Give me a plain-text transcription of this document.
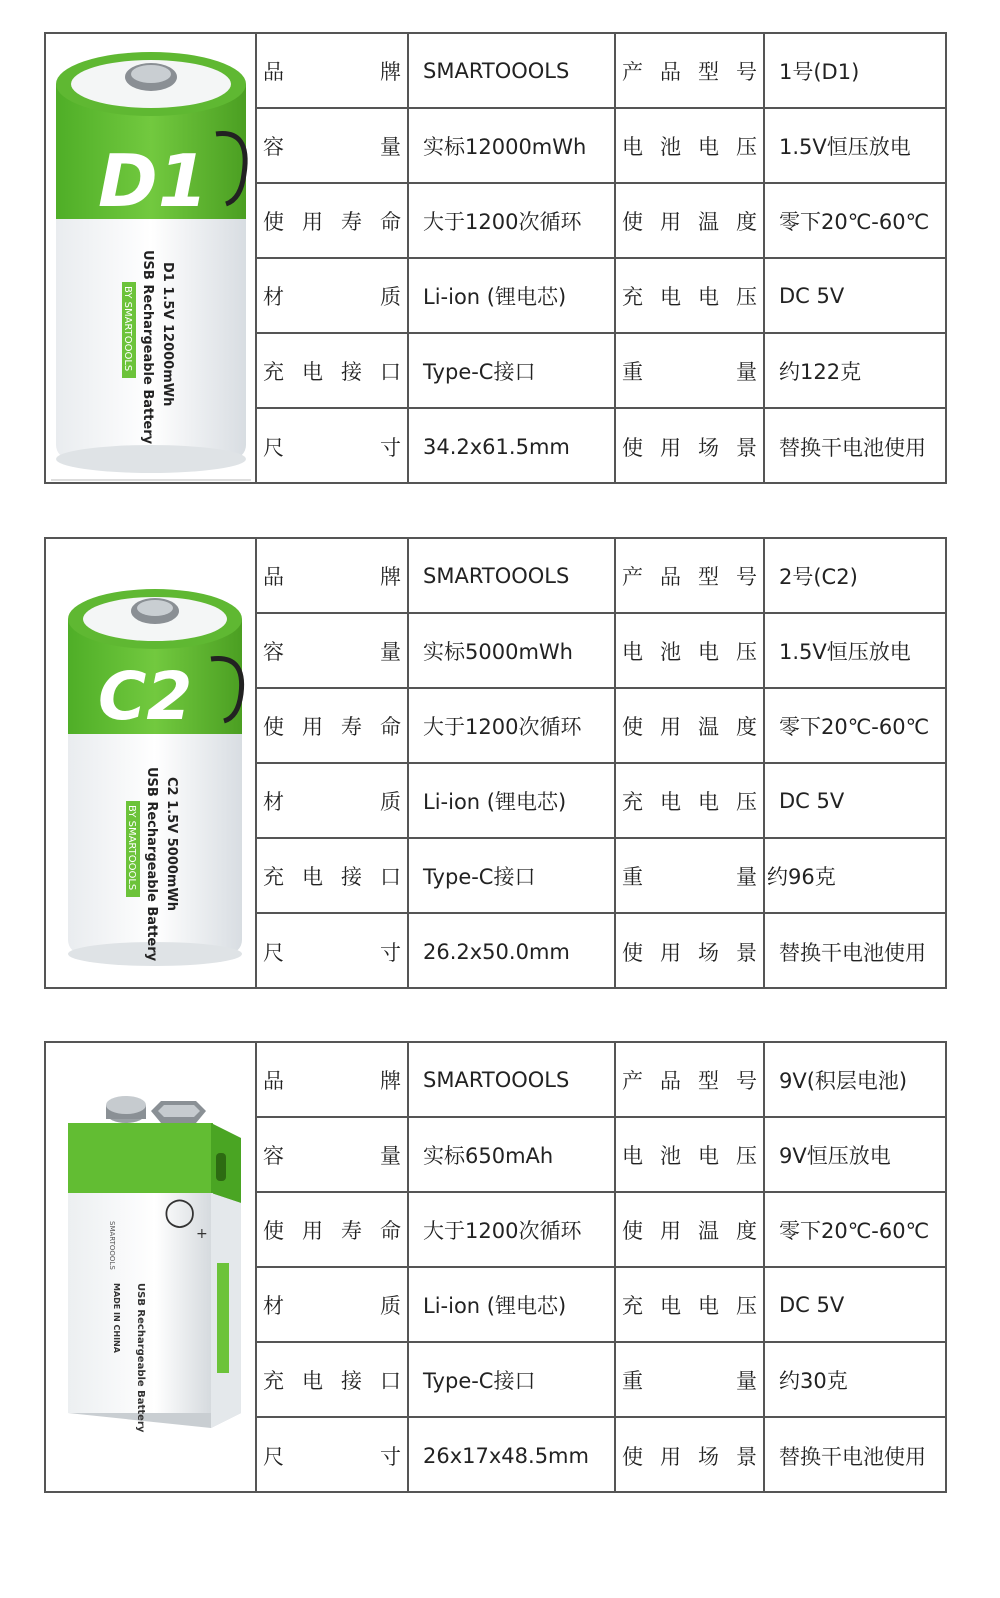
D1
D1 1.5V 12000mWh
USB Rechargeable Battery
BY SMARTOOOLS
品	牌	SMARTOOOLS	产 品 型 号	1号(D1)
容	量	实标12000mWh	电 池 电 压	1.5V恒压放电
使 用 寿 命	大于1200次循环	使 用 温 度	零下20℃-60℃
材	质	Li-ion (锂电芯)	充 电 电 压	DC 5V
充 电 接 口	Type-C接口	重	量	约122克
尺	寸	34.2x61.5mm	使 用 场 景	替换干电池使用
C2
C2 1.5V 5000mWh
USB Rechargeable Battery
BY SMARTOOOLS
品	牌	SMARTOOOLS	产 品 型 号	2号(C2)
容	量	实标5000mWh	电 池 电 压	1.5V恒压放电
使 用 寿 命	大于1200次循环	使 用 温 度	零下20℃-60℃
材	质	Li-ion (锂电芯)	充 电 电 压	DC 5V
充 电 接 口	Type-C接口	重	量 约96克
尺	寸	26.2x50.0mm	使 用 场 景	替换干电池使用
◯
USB Rechargeable Battery
MADE IN CHINA
SMARTOOOLS	+
品	牌	SMARTOOOLS	产 品 型 号	9V(积层电池)
容	量	实标650mAh	电 池 电 压	9V恒压放电
使 用 寿 命	大于1200次循环	使 用 温 度	零下20℃-60℃
材	质	Li-ion (锂电芯)	充 电 电 压	DC 5V
充 电 接 口	Type-C接口	重	量	约30克
尺	寸	26x17x48.5mm	使 用 场 景	替换干电池使用
